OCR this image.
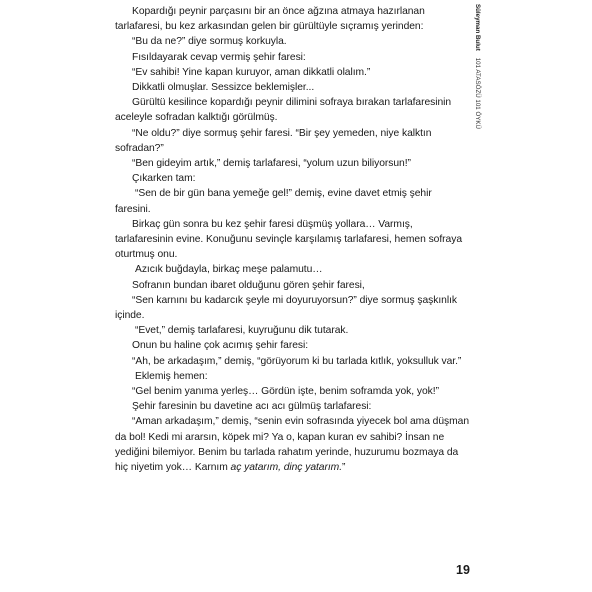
Süleyman Bulut    101 ATASÖZÜ 101 ÖYKÜ

Kopardığı peynir parçasını bir an önce ağzına atmaya hazırlanan tarlafaresi, bu kez arkasından gelen bir gürültüyle sıçramış yerinden:

“Bu da ne?” diye sormuş korkuyla.

Fısıldayarak cevap vermiş şehir faresi:

“Ev sahibi! Yine kapan kuruyor, aman dikkatli olalım.”

Dikkatli olmuşlar. Sessizce beklemişler...

Gürültü kesilince kopardığı peynir dilimini sofraya bırakan tarlafaresinin aceleyle sofradan kalktığı görülmüş.

“Ne oldu?” diye sormuş şehir faresi. “Bir şey yemeden, niye kalktın sofradan?”

“Ben gideyim artık,” demiş tarlafaresi, “yolum uzun biliyorsun!”

Çıkarken tam:

“Sen de bir gün bana yemeğe gel!” demiş, evine davet etmiş şehir faresini.

Birkaç gün sonra bu kez şehir faresi düşmüş yollara… Varmış, tarlafaresinin evine. Konuğunu sevinçle karşılamış tarlafaresi, hemen sofraya oturtmuş onu.

Azıcık buğdayla, birkaç meşe palamutu…

Sofranın bundan ibaret olduğunu gören şehir faresi,

“Sen karnını bu kadarcık şeyle mi doyuruyorsun?” diye sormuş şaşkınlık içinde.

“Evet,” demiş tarlafaresi, kuyruğunu dik tutarak.

Onun bu haline çok acımış şehir faresi:

“Ah, be arkadaşım,” demiş, “görüyorum ki bu tarlada kıtlık, yoksulluk var.”

Eklemiş hemen:

“Gel benim yanıma yerleş… Gördün işte, benim soframda yok, yok!”

Şehir faresinin bu davetine acı acı gülmüş tarlafaresi:

“Aman arkadaşım,” demiş, “senin evin sofrasında yiyecek bol ama düşman da bol! Kedi mi ararsın, köpek mi? Ya o, kapan kuran ev sahibi? İnsan ne yediğini bilemiyor. Benim bu tarlada rahatım yerinde, huzurumu bozmaya da hiç niyetim yok… Karnım aç yatarım, dinç yatarım.”

19
